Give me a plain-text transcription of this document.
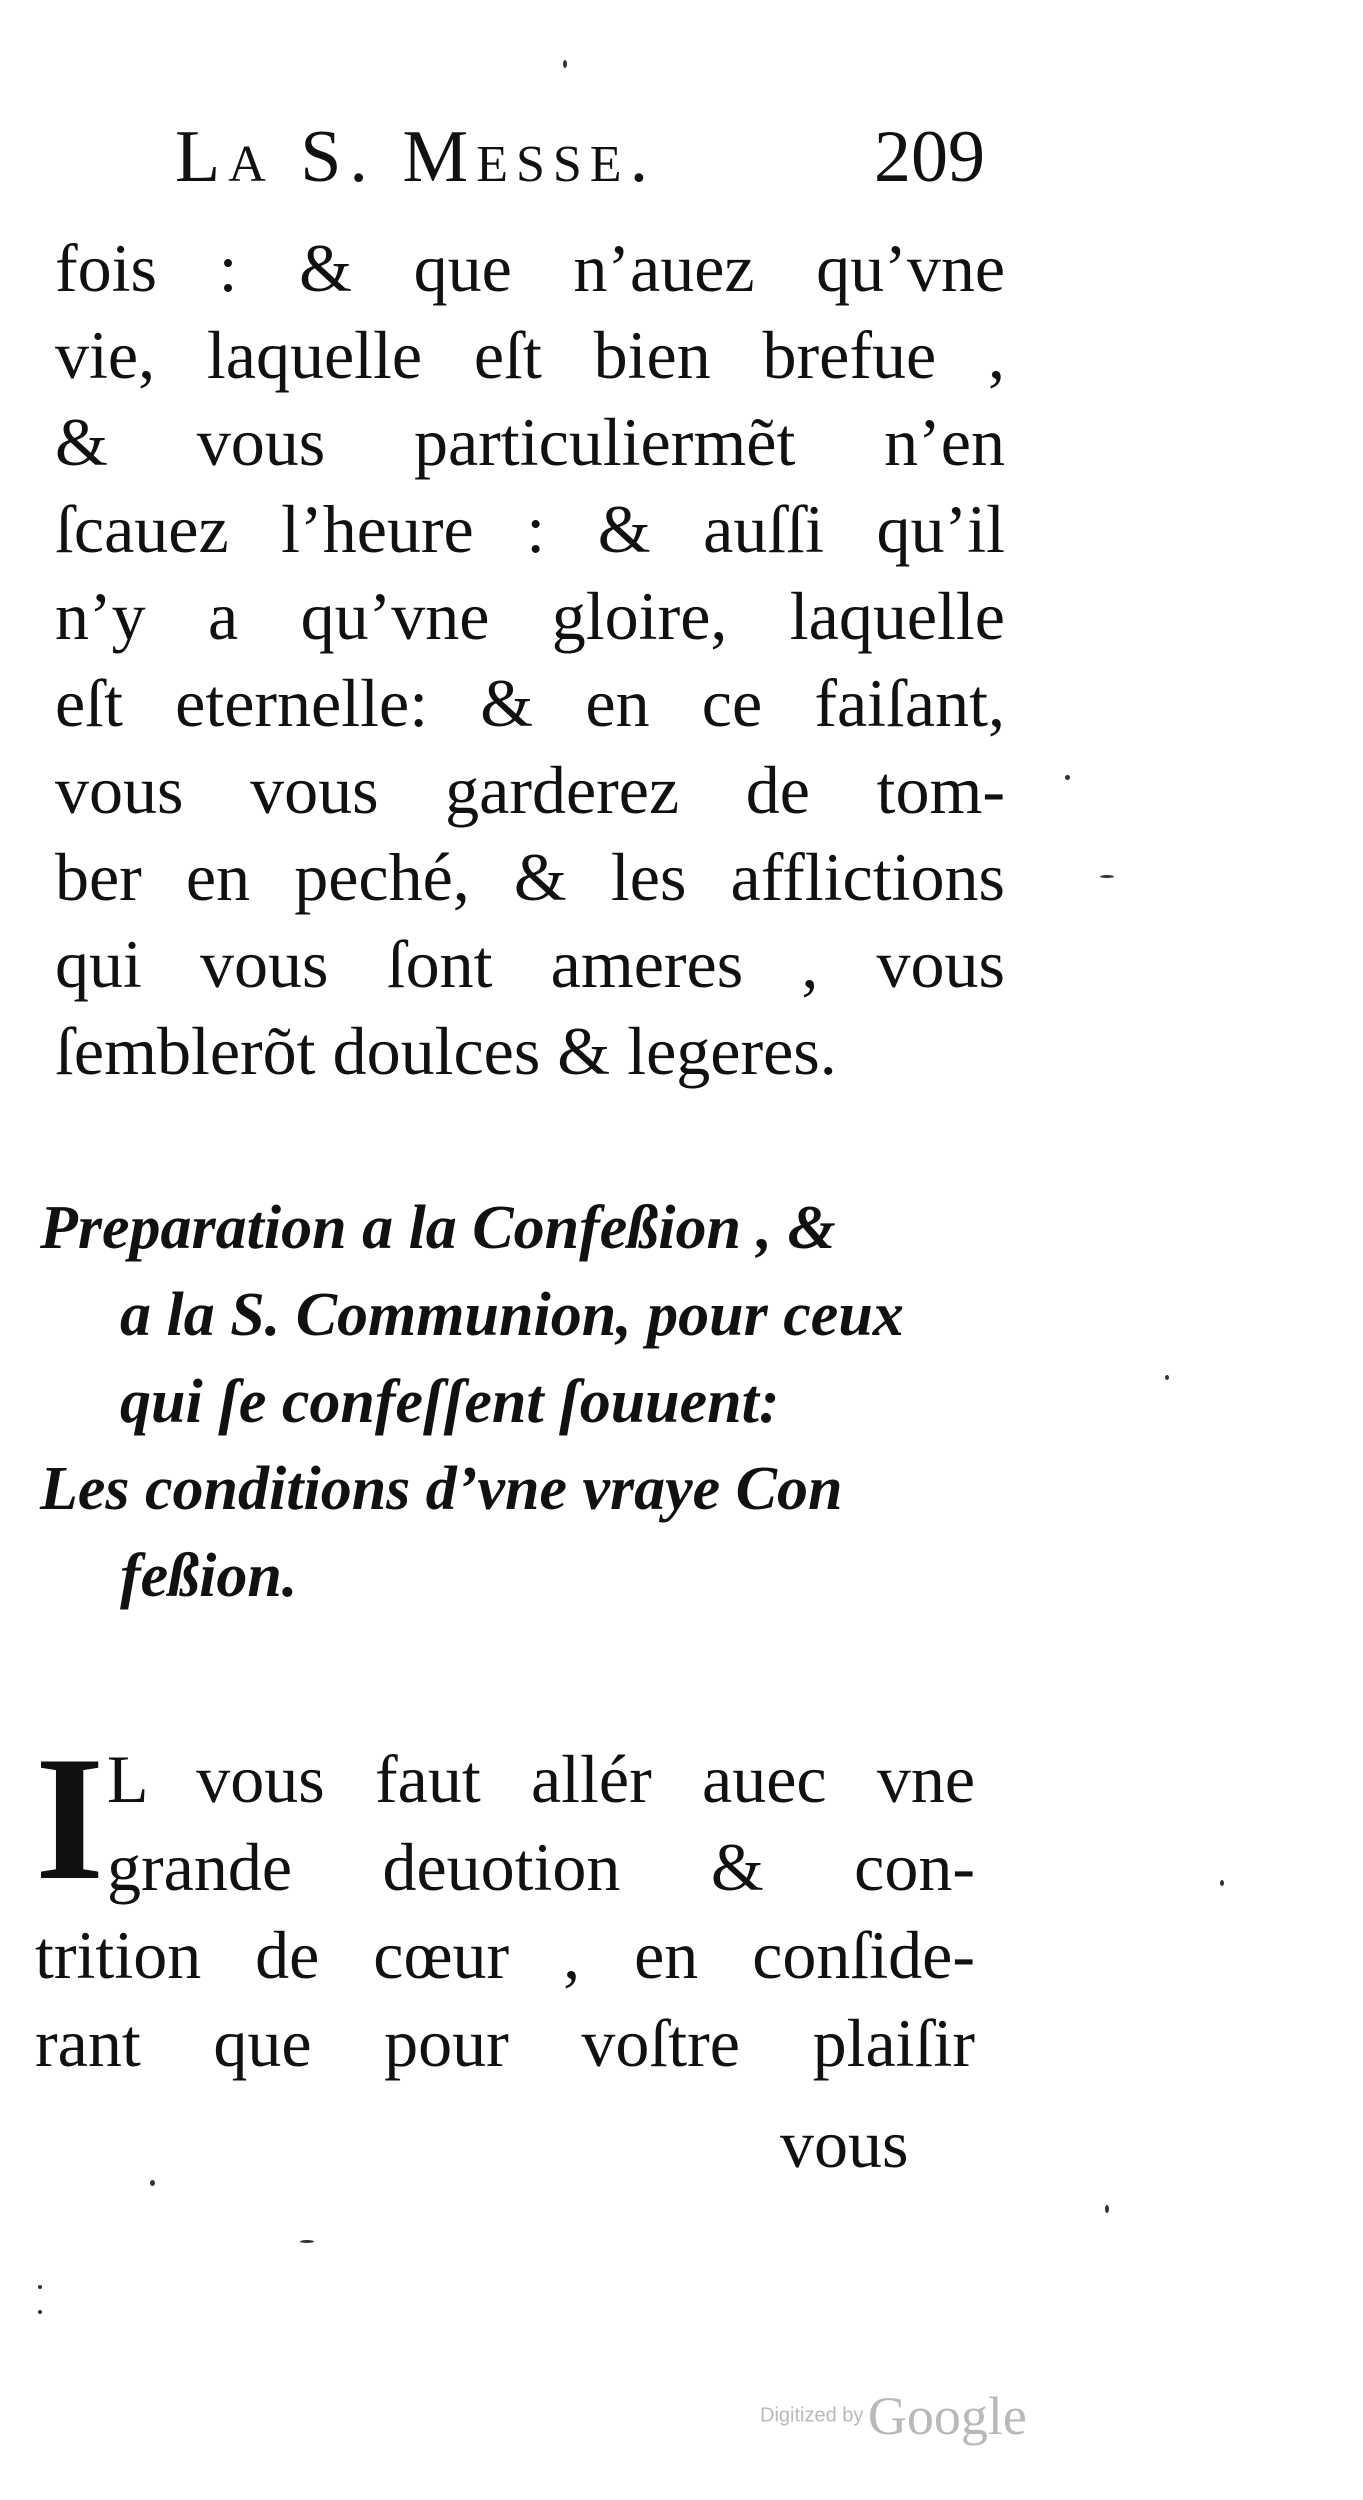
La S. Messe.	209
fois : & que n’auez qu’vne
vie, laquelle eſt bien brefue ,
& vous particuliermẽt n’en
ſcauez l’heure : & auſſi qu’il
n’y a qu’vne gloire, laquelle
eſt eternelle: & en ce faiſant,
vous vous garderez de tom-
ber en peché, & les afflictions
qui vous ſont ameres , vous
ſemblerõt doulces & legeres.
Preparation a la Confeßion , &
a la S. Communion, pour ceux
qui ſe confeſſent ſouuent:
Les conditions d’vne vraye Con
feßion.
I L vous faut allér auec vne
grande deuotion & con-
trition de cœur , en conſide-
rant que pour voſtre plaiſir
vous
Digitized by Google
